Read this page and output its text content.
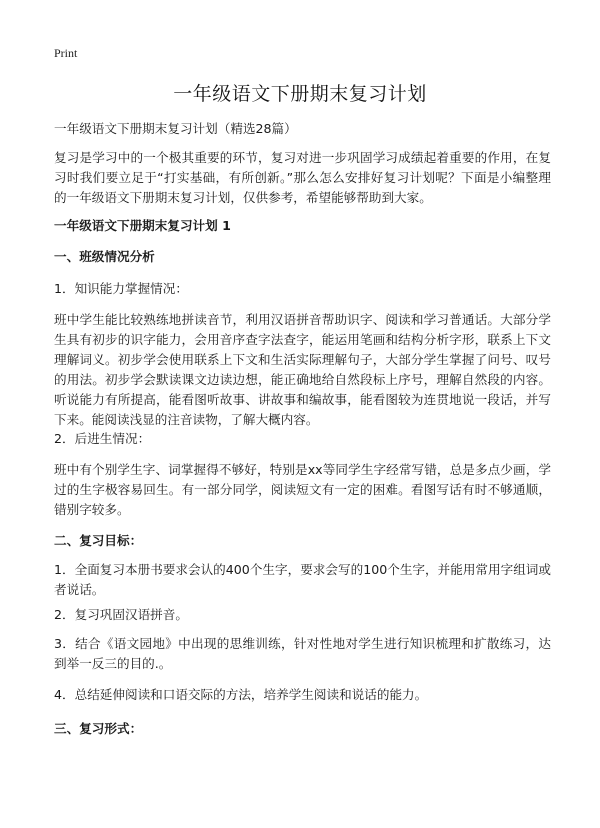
Print
一年级语文下册期末复习计划

一年级语文下册期末复习计划（精选28篇）

复习是学习中的一个极其重要的环节，复习对进一步巩固学习成绩起着重要的作用，在复习时我们要立足于“打实基础，有所创新。”那么怎么安排好复习计划呢？下面是小编整理的一年级语文下册期末复习计划，仅供参考，希望能够帮助到大家。

一年级语文下册期末复习计划 1

一、班级情况分析

1．知识能力掌握情况：

班中学生能比较熟练地拼读音节，利用汉语拼音帮助识字、阅读和学习普通话。大部分学生具有初步的识字能力，会用音序查字法查字，能运用笔画和结构分析字形，联系上下文理解词义。初步学会使用联系上下文和生活实际理解句子，大部分学生掌握了问号、叹号的用法。初步学会默读课文边读边想，能正确地给自然段标上序号，理解自然段的内容。听说能力有所提高，能看图听故事、讲故事和编故事，能看图较为连贯地说一段话，并写下来。能阅读浅显的注音读物，了解大概内容。

2．后进生情况：

班中有个别学生字、词掌握得不够好，特别是xx等同学生字经常写错，总是多点少画，学过的生字极容易回生。有一部分同学，阅读短文有一定的困难。看图写话有时不够通顺，错别字较多。

二、复习目标：

1．全面复习本册书要求会认的400个生字，要求会写的100个生字，并能用常用字组词或者说话。

2．复习巩固汉语拼音。

3．结合《语文园地》中出现的思维训练，针对性地对学生进行知识梳理和扩散练习，达到举一反三的目的.。

4．总结延伸阅读和口语交际的方法，培养学生阅读和说话的能力。

三、复习形式：
